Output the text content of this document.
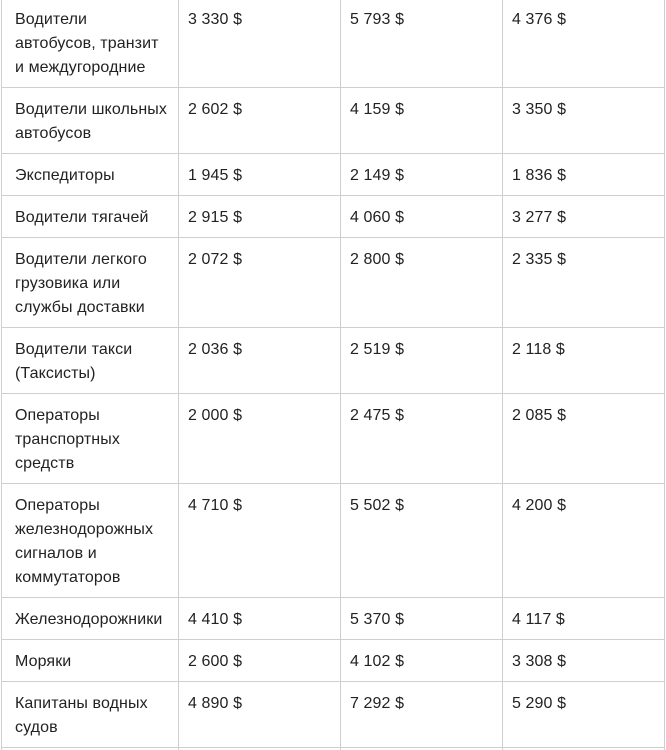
Водители автобусов, транзит и междугородние	3 330 $	5 793 $	4 376 $
Водители школьных автобусов	2 602 $	4 159 $	3 350 $
Экспедиторы	1 945 $	2 149 $	1 836 $
Водители тягачей	2 915 $	4 060 $	3 277 $
Водители легкого грузовика или службы доставки	2 072 $	2 800 $	2 335 $
Водители такси (Таксисты)	2 036 $	2 519 $	2 118 $
Операторы транспортных средств	2 000 $	2 475 $	2 085 $
Операторы железнодорожных сигналов и коммутаторов	4 710 $	5 502 $	4 200 $
Железнодорожники	4 410 $	5 370 $	4 117 $
Моряки	2 600 $	4 102 $	3 308 $
Капитаны водных судов	4 890 $	7 292 $	5 290 $
